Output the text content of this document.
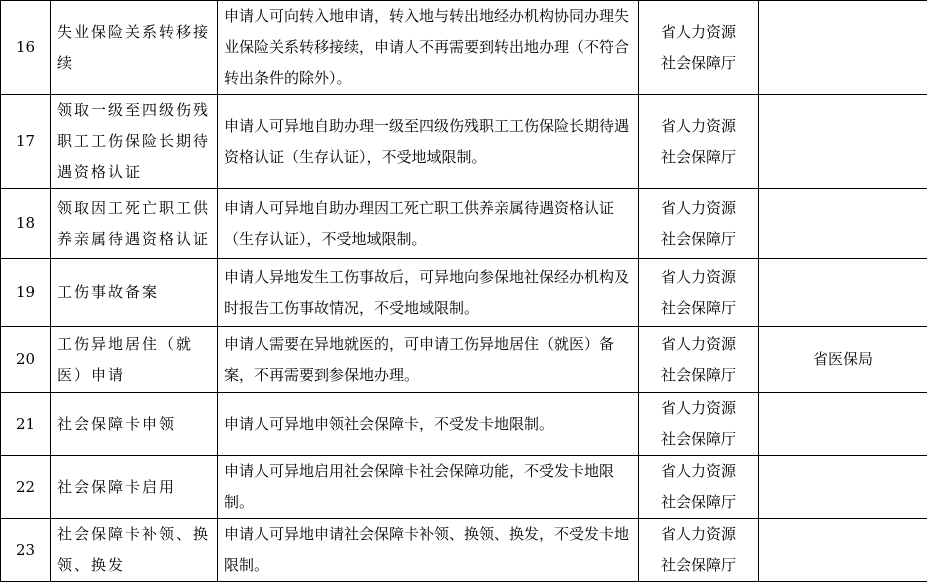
16	失业保险关系转移接续	申请人可向转入地申请，转入地与转出地经办机构协同办理失业保险关系转移接续，申请人不再需要到转出地办理（不符合转出条件的除外）。	省人力资源
社会保障厅	

17	领取一级至四级伤残职工工伤保险长期待遇资格认证	申请人可异地自助办理一级至四级伤残职工工伤保险长期待遇资格认证（生存认证），不受地域限制。	省人力资源
社会保障厅	

18	领取因工死亡职工供养亲属待遇资格认证	申请人可异地自助办理因工死亡职工供养亲属待遇资格认证（生存认证），不受地域限制。	省人力资源
社会保障厅	

19	工伤事故备案	申请人异地发生工伤事故后，可异地向参保地社保经办机构及时报告工伤事故情况，不受地域限制。	省人力资源
社会保障厅	

20	工伤异地居住（就医）申请	申请人需要在异地就医的，可申请工伤异地居住（就医）备案，不再需要到参保地办理。	省人力资源
社会保障厅	省医保局
21	社会保障卡申领	申请人可异地申领社会保障卡，不受发卡地限制。	省人力资源
社会保障厅	

22	社会保障卡启用	申请人可异地启用社会保障卡社会保障功能，不受发卡地限制。	省人力资源
社会保障厅	

23	社会保障卡补领、换领、换发	申请人可异地申请社会保障卡补领、换领、换发，不受发卡地限制。	省人力资源
社会保障厅	
